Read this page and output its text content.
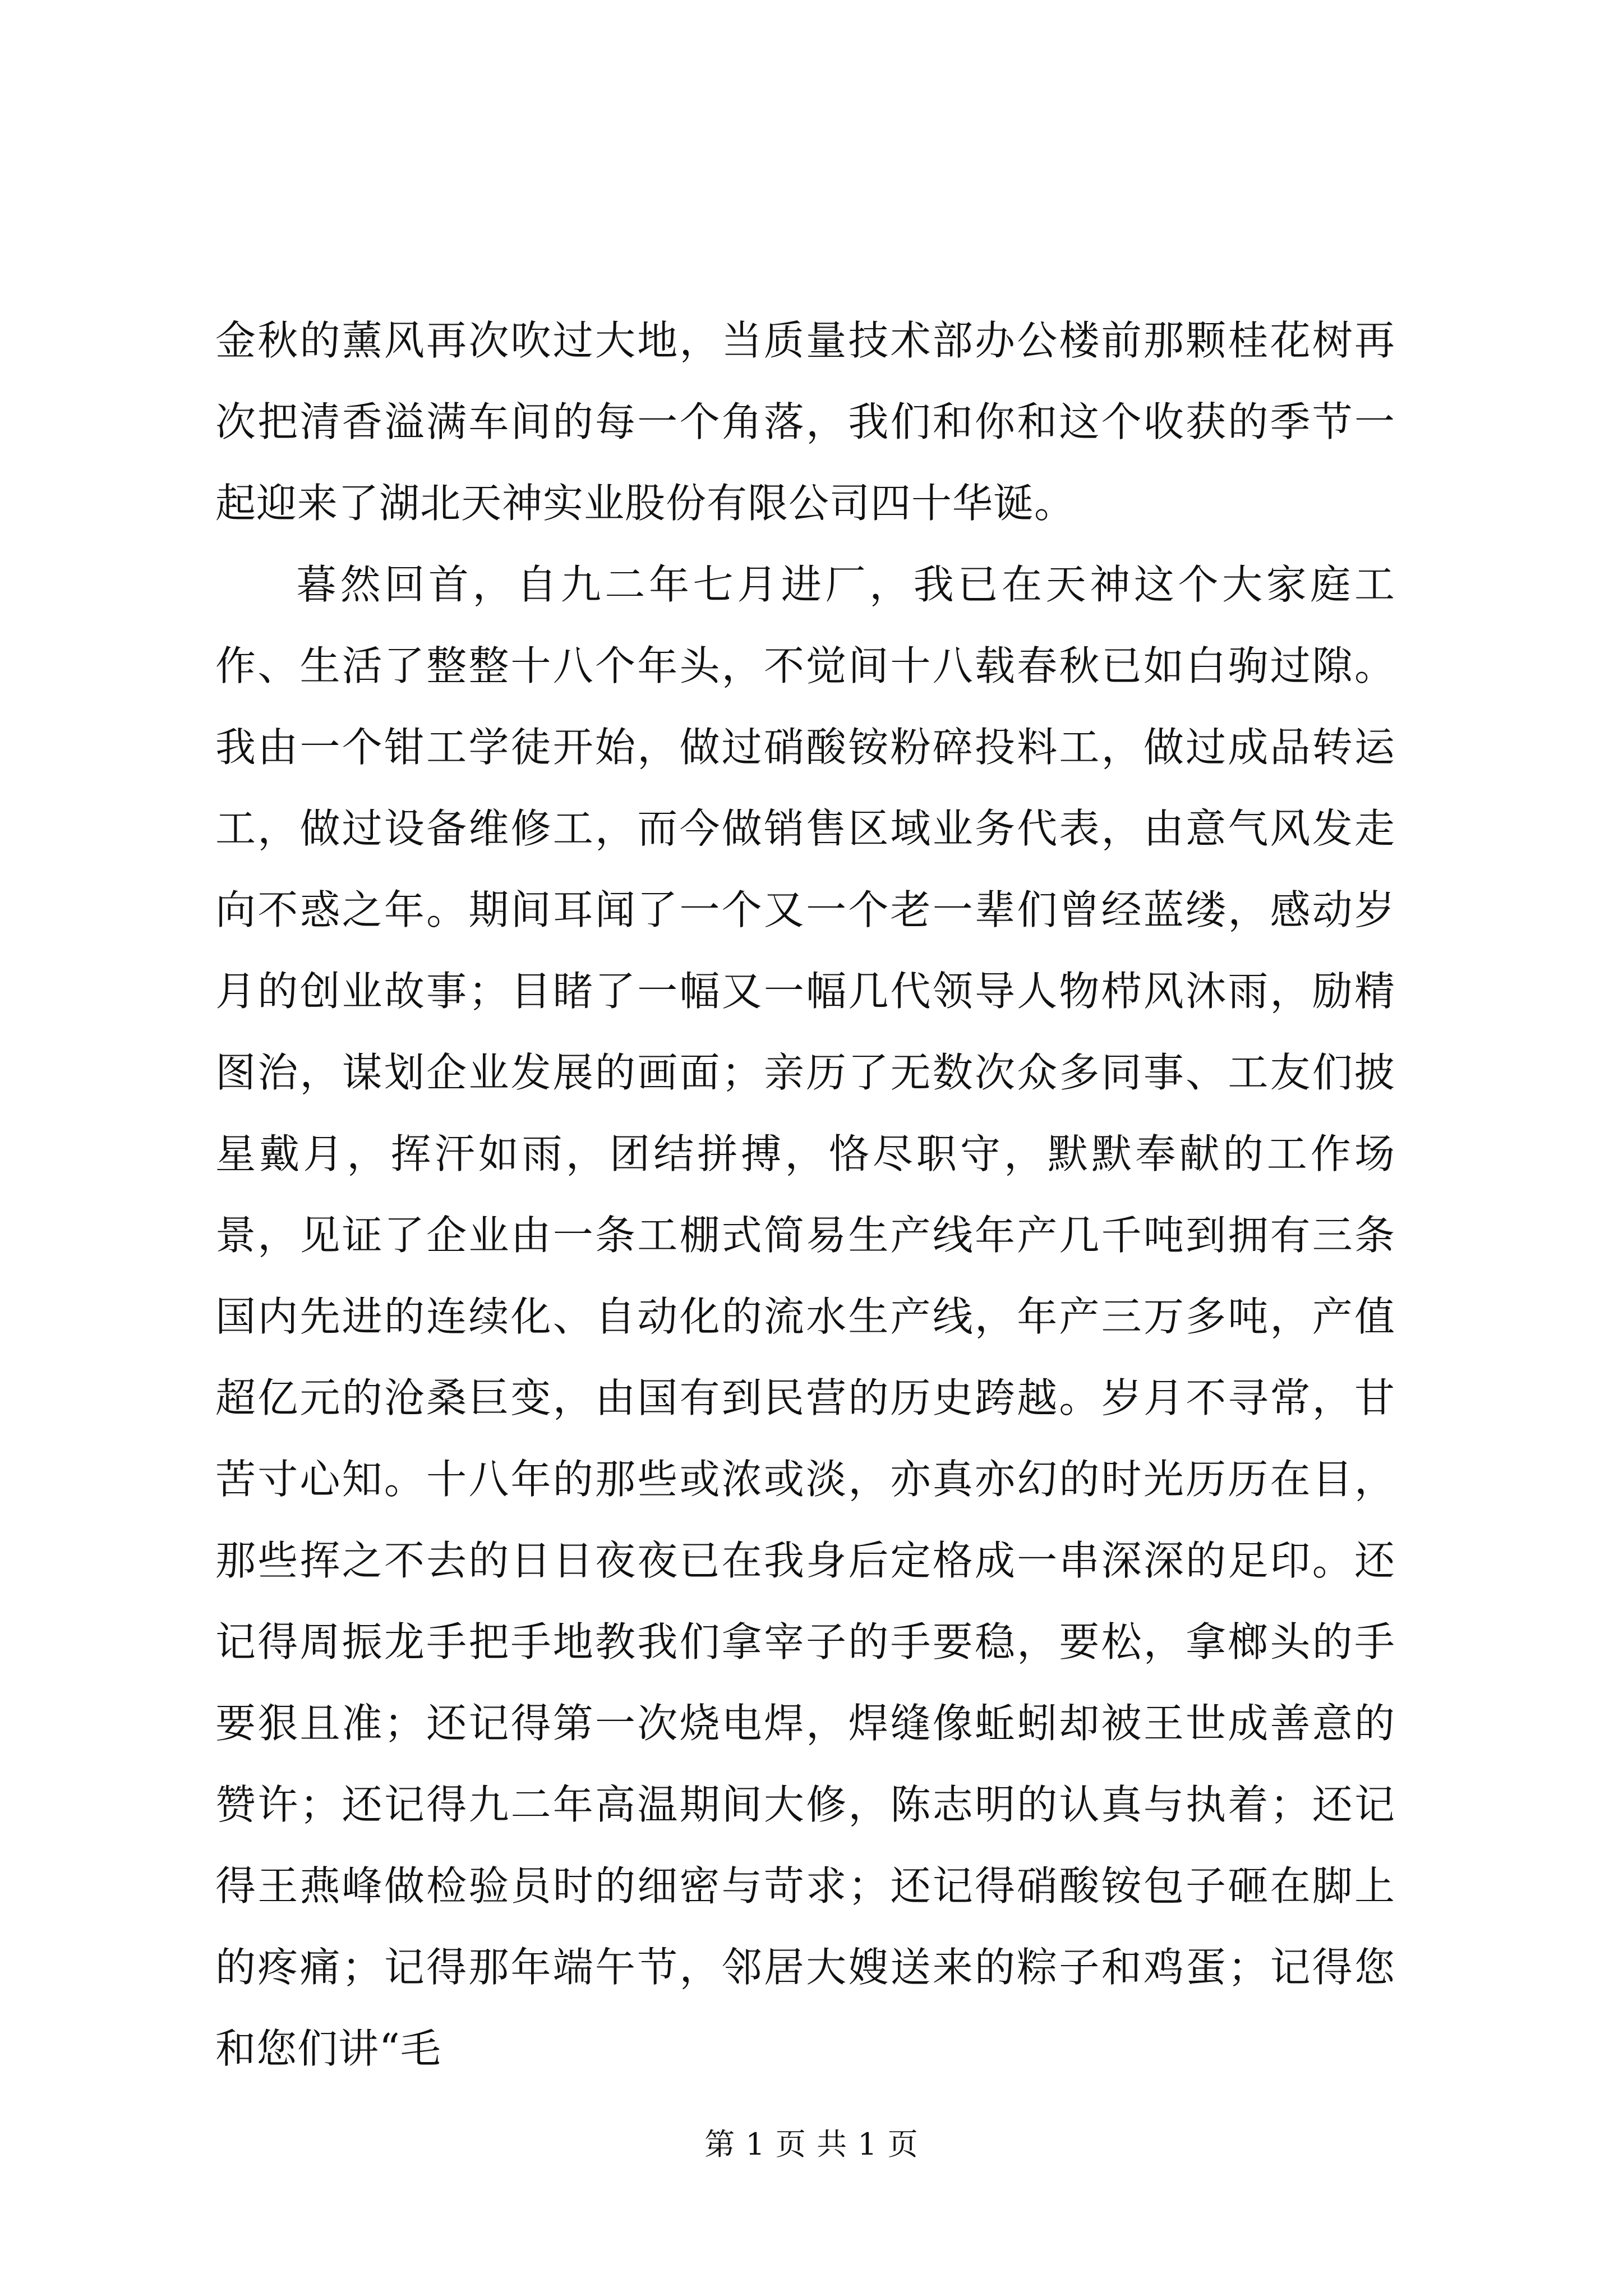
金秋的薰风再次吹过大地，当质量技术部办公楼前那颗桂花树再次把清香溢满车间的每一个角落，我们和你和这个收获的季节一起迎来了湖北天神实业股份有限公司四十华诞。

暮然回首，自九二年七月进厂，我已在天神这个大家庭工作、生活了整整十八个年头，不觉间十八载春秋已如白驹过隙。我由一个钳工学徒开始，做过硝酸铵粉碎投料工，做过成品转运工，做过设备维修工，而今做销售区域业务代表，由意气风发走向不惑之年。期间耳闻了一个又一个老一辈们曾经蓝缕，感动岁月的创业故事；目睹了一幅又一幅几代领导人物栉风沐雨，励精图治，谋划企业发展的画面；亲历了无数次众多同事、工友们披星戴月，挥汗如雨，团结拼搏，恪尽职守，默默奉献的工作场景，见证了企业由一条工棚式简易生产线年产几千吨到拥有三条国内先进的连续化、自动化的流水生产线，年产三万多吨，产值超亿元的沧桑巨变，由国有到民营的历史跨越。岁月不寻常，甘苦寸心知。十八年的那些或浓或淡，亦真亦幻的时光历历在目，那些挥之不去的日日夜夜已在我身后定格成一串深深的足印。还记得周振龙手把手地教我们拿宰子的手要稳，要松，拿榔头的手要狠且准；还记得第一次烧电焊，焊缝像蚯蚓却被王世成善意的赞许；还记得九二年高温期间大修，陈志明的认真与执着；还记得王燕峰做检验员时的细密与苛求；还记得硝酸铵包子砸在脚上的疼痛；记得那年端午节，邻居大嫂送来的粽子和鸡蛋；记得您和您们讲“毛

第 1 页 共 1 页
